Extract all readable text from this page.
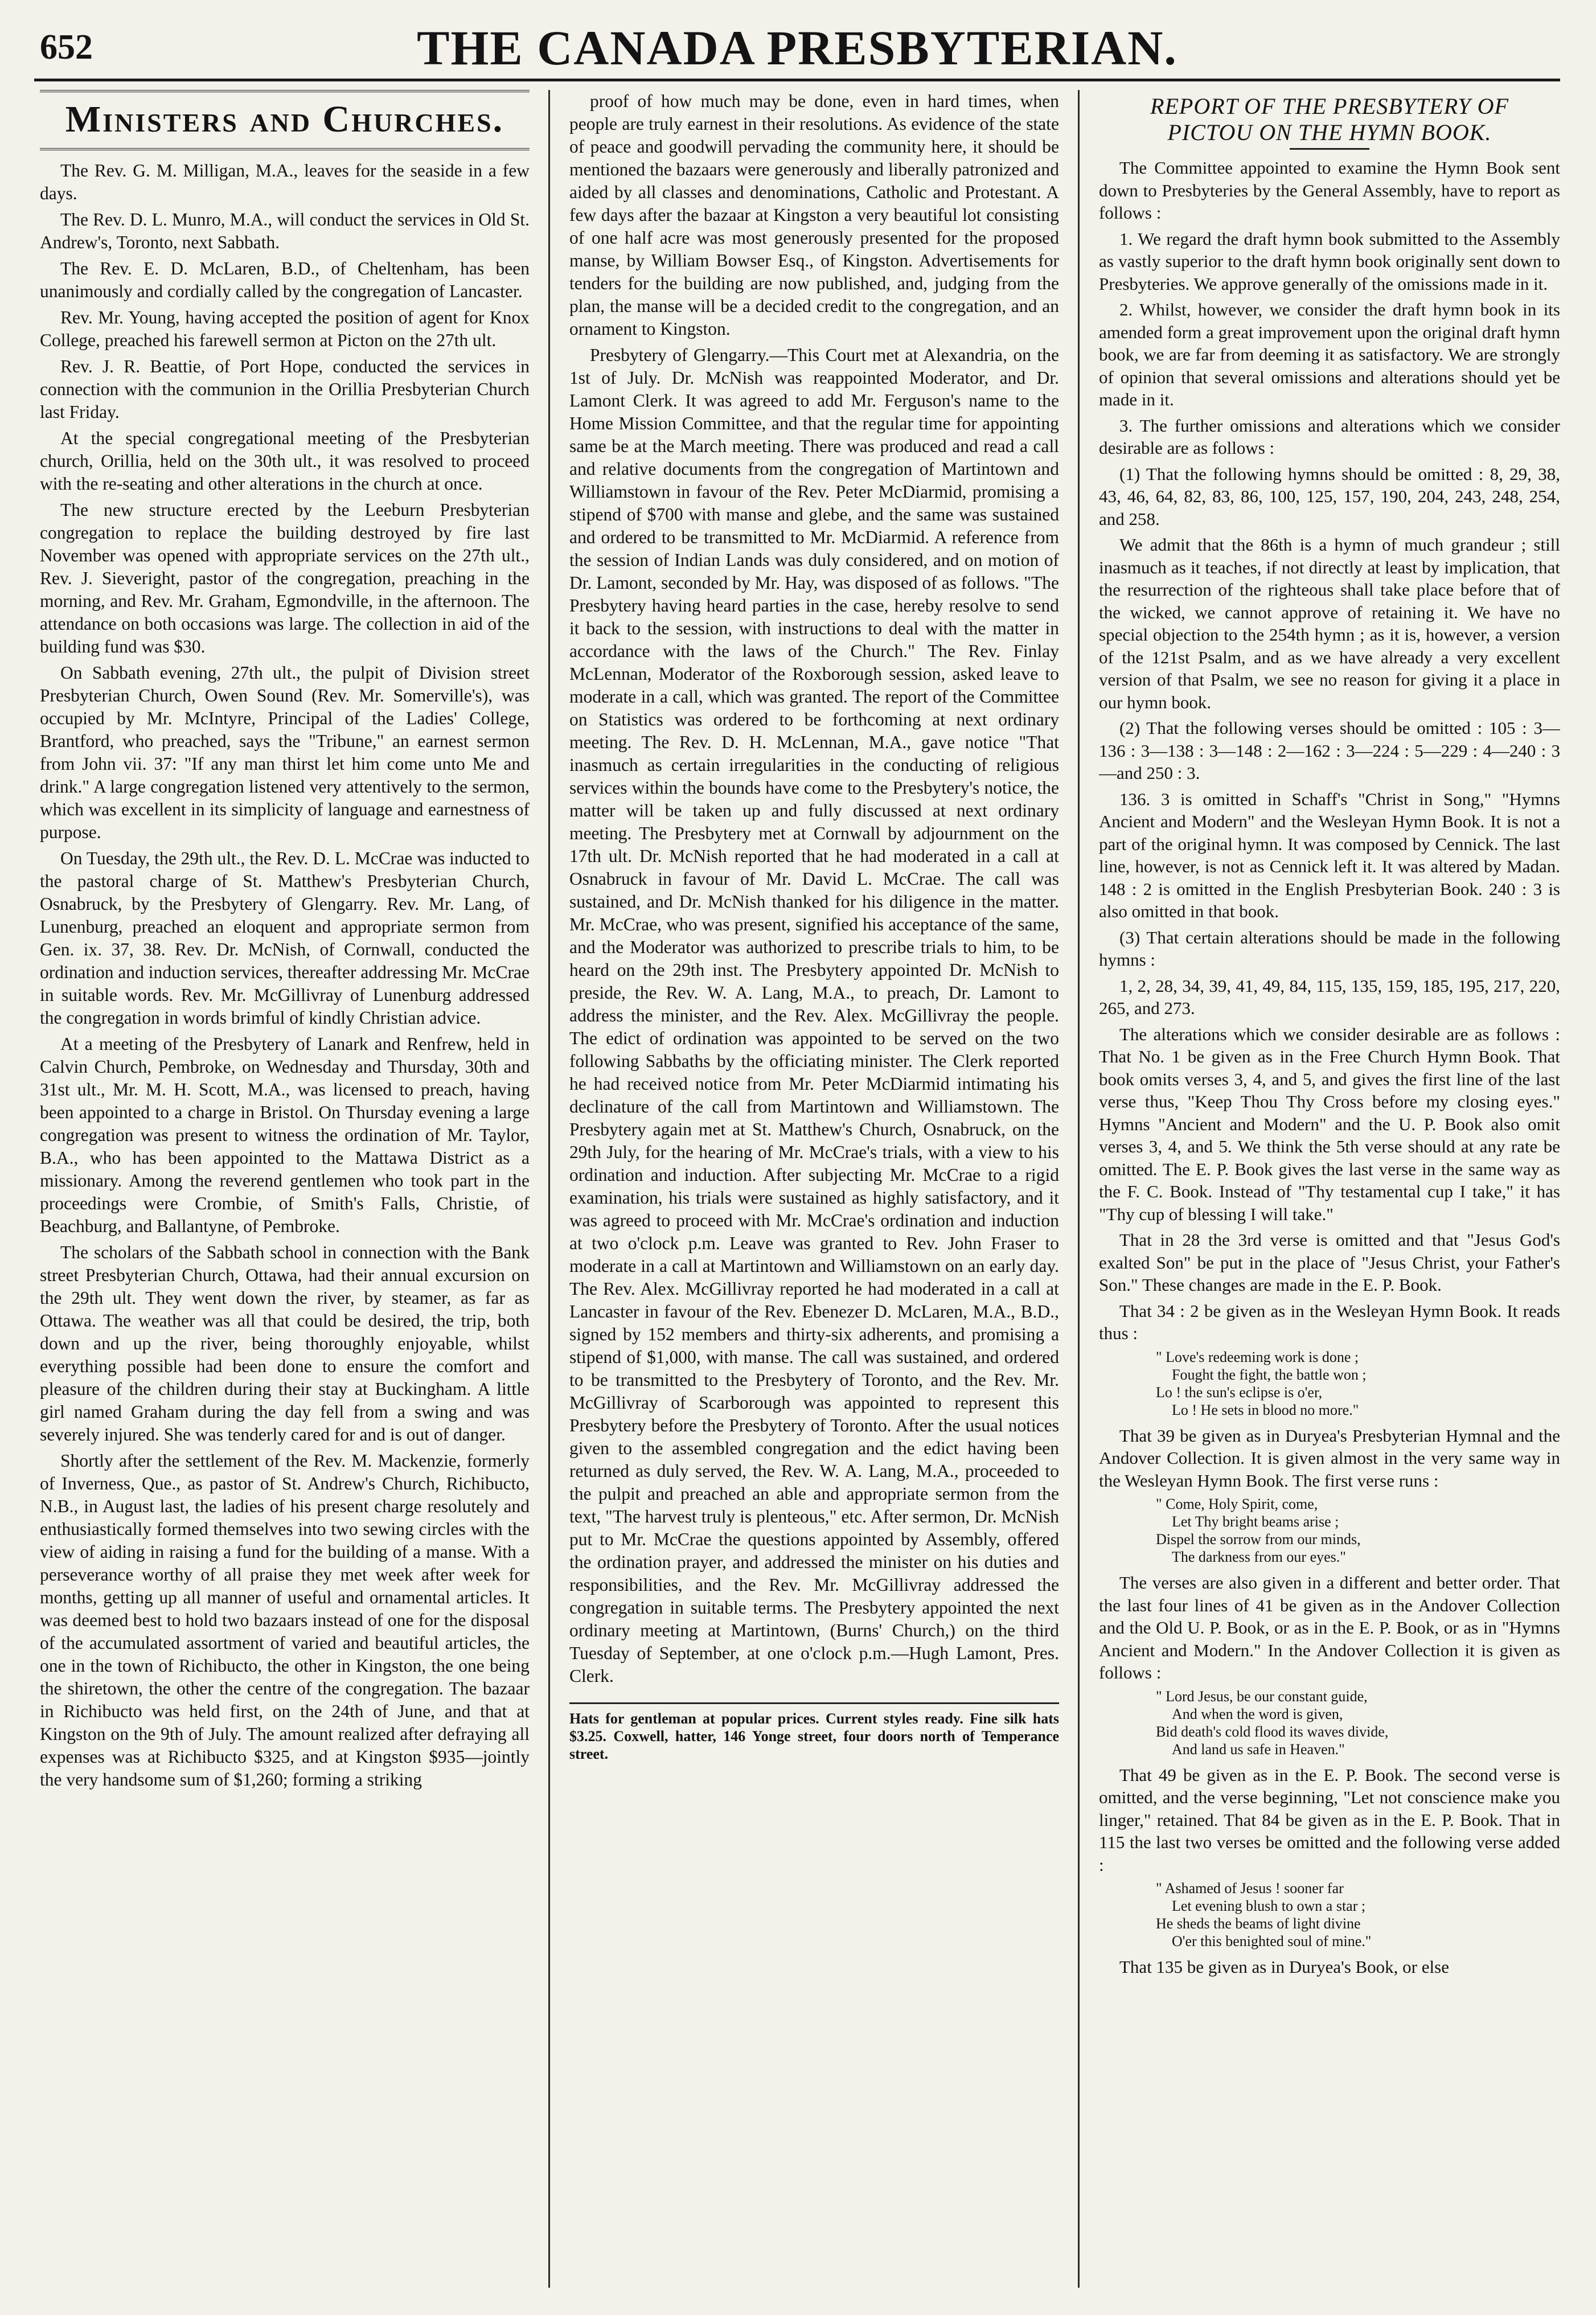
652	THE CANADA PRESBYTERIAN.
Ministers and Churches.

The Rev. G. M. Milligan, M.A., leaves for the seaside in a few days.

The Rev. D. L. Munro, M.A., will conduct the services in Old St. Andrew's, Toronto, next Sabbath.

The Rev. E. D. McLaren, B.D., of Cheltenham, has been unanimously and cordially called by the congregation of Lancaster.

Rev. Mr. Young, having accepted the position of agent for Knox College, preached his farewell sermon at Picton on the 27th ult.

Rev. J. R. Beattie, of Port Hope, conducted the services in connection with the communion in the Orillia Presbyterian Church last Friday.

At the special congregational meeting of the Presbyterian church, Orillia, held on the 30th ult., it was resolved to proceed with the re-seating and other alterations in the church at once.

The new structure erected by the Leeburn Presbyterian congregation to replace the building destroyed by fire last November was opened with appropriate services on the 27th ult., Rev. J. Sieveright, pastor of the congregation, preaching in the morning, and Rev. Mr. Graham, Egmondville, in the afternoon. The attendance on both occasions was large. The collection in aid of the building fund was $30.

On Sabbath evening, 27th ult., the pulpit of Division street Presbyterian Church, Owen Sound (Rev. Mr. Somerville's), was occupied by Mr. McIntyre, Principal of the Ladies' College, Brantford, who preached, says the "Tribune," an earnest sermon from John vii. 37: "If any man thirst let him come unto Me and drink." A large congregation listened very attentively to the sermon, which was excellent in its simplicity of language and earnestness of purpose.

On Tuesday, the 29th ult., the Rev. D. L. McCrae was inducted to the pastoral charge of St. Matthew's Presbyterian Church, Osnabruck, by the Presbytery of Glengarry. Rev. Mr. Lang, of Lunenburg, preached an eloquent and appropriate sermon from Gen. ix. 37, 38. Rev. Dr. McNish, of Cornwall, conducted the ordination and induction services, thereafter addressing Mr. McCrae in suitable words. Rev. Mr. McGillivray of Lunenburg addressed the congregation in words brimful of kindly Christian advice.

At a meeting of the Presbytery of Lanark and Renfrew, held in Calvin Church, Pembroke, on Wednesday and Thursday, 30th and 31st ult., Mr. M. H. Scott, M.A., was licensed to preach, having been appointed to a charge in Bristol. On Thursday evening a large congregation was present to witness the ordination of Mr. Taylor, B.A., who has been appointed to the Mattawa District as a missionary. Among the reverend gentlemen who took part in the proceedings were Crombie, of Smith's Falls, Christie, of Beachburg, and Ballantyne, of Pembroke.

The scholars of the Sabbath school in connection with the Bank street Presbyterian Church, Ottawa, had their annual excursion on the 29th ult. They went down the river, by steamer, as far as Ottawa. The weather was all that could be desired, the trip, both down and up the river, being thoroughly enjoyable, whilst everything possible had been done to ensure the comfort and pleasure of the children during their stay at Buckingham. A little girl named Graham during the day fell from a swing and was severely injured. She was tenderly cared for and is out of danger.

Shortly after the settlement of the Rev. M. Mackenzie, formerly of Inverness, Que., as pastor of St. Andrew's Church, Richibucto, N.B., in August last, the ladies of his present charge resolutely and enthusiastically formed themselves into two sewing circles with the view of aiding in raising a fund for the building of a manse. With a perseverance worthy of all praise they met week after week for months, getting up all manner of useful and ornamental articles. It was deemed best to hold two bazaars instead of one for the disposal of the accumulated assortment of varied and beautiful articles, the one in the town of Richibucto, the other in Kingston, the one being the shiretown, the other the centre of the congregation. The bazaar in Richibucto was held first, on the 24th of June, and that at Kingston on the 9th of July. The amount realized after defraying all expenses was at Richibucto $325, and at Kingston $935—jointly the very handsome sum of $1,260; forming a striking

proof of how much may be done, even in hard times, when people are truly earnest in their resolutions. As evidence of the state of peace and goodwill pervading the community here, it should be mentioned the bazaars were generously and liberally patronized and aided by all classes and denominations, Catholic and Protestant. A few days after the bazaar at Kingston a very beautiful lot consisting of one half acre was most generously presented for the proposed manse, by William Bowser Esq., of Kingston. Advertisements for tenders for the building are now published, and, judging from the plan, the manse will be a decided credit to the congregation, and an ornament to Kingston.

Presbytery of Glengarry.—This Court met at Alexandria, on the 1st of July. Dr. McNish was reappointed Moderator, and Dr. Lamont Clerk. It was agreed to add Mr. Ferguson's name to the Home Mission Committee, and that the regular time for appointing same be at the March meeting. There was produced and read a call and relative documents from the congregation of Martintown and Williamstown in favour of the Rev. Peter McDiarmid, promising a stipend of $700 with manse and glebe, and the same was sustained and ordered to be transmitted to Mr. McDiarmid. A reference from the session of Indian Lands was duly considered, and on motion of Dr. Lamont, seconded by Mr. Hay, was disposed of as follows. "The Presbytery having heard parties in the case, hereby resolve to send it back to the session, with instructions to deal with the matter in accordance with the laws of the Church." The Rev. Finlay McLennan, Moderator of the Roxborough session, asked leave to moderate in a call, which was granted. The report of the Committee on Statistics was ordered to be forthcoming at next ordinary meeting. The Rev. D. H. McLennan, M.A., gave notice "That inasmuch as certain irregularities in the conducting of religious services within the bounds have come to the Presbytery's notice, the matter will be taken up and fully discussed at next ordinary meeting. The Presbytery met at Cornwall by adjournment on the 17th ult. Dr. McNish reported that he had moderated in a call at Osnabruck in favour of Mr. David L. McCrae. The call was sustained, and Dr. McNish thanked for his diligence in the matter. Mr. McCrae, who was present, signified his acceptance of the same, and the Moderator was authorized to prescribe trials to him, to be heard on the 29th inst. The Presbytery appointed Dr. McNish to preside, the Rev. W. A. Lang, M.A., to preach, Dr. Lamont to address the minister, and the Rev. Alex. McGillivray the people. The edict of ordination was appointed to be served on the two following Sabbaths by the officiating minister. The Clerk reported he had received notice from Mr. Peter McDiarmid intimating his declinature of the call from Martintown and Williamstown. The Presbytery again met at St. Matthew's Church, Osnabruck, on the 29th July, for the hearing of Mr. McCrae's trials, with a view to his ordination and induction. After subjecting Mr. McCrae to a rigid examination, his trials were sustained as highly satisfactory, and it was agreed to proceed with Mr. McCrae's ordination and induction at two o'clock p.m. Leave was granted to Rev. John Fraser to moderate in a call at Martintown and Williamstown on an early day. The Rev. Alex. McGillivray reported he had moderated in a call at Lancaster in favour of the Rev. Ebenezer D. McLaren, M.A., B.D., signed by 152 members and thirty-six adherents, and promising a stipend of $1,000, with manse. The call was sustained, and ordered to be transmitted to the Presbytery of Toronto, and the Rev. Mr. McGillivray of Scarborough was appointed to represent this Presbytery before the Presbytery of Toronto. After the usual notices given to the assembled congregation and the edict having been returned as duly served, the Rev. W. A. Lang, M.A., proceeded to the pulpit and preached an able and appropriate sermon from the text, "The harvest truly is plenteous," etc. After sermon, Dr. McNish put to Mr. McCrae the questions appointed by Assembly, offered the ordination prayer, and addressed the minister on his duties and responsibilities, and the Rev. Mr. McGillivray addressed the congregation in suitable terms. The Presbytery appointed the next ordinary meeting at Martintown, (Burns' Church,) on the third Tuesday of September, at one o'clock p.m.—Hugh Lamont, Pres. Clerk.

Hats for gentleman at popular prices. Current styles ready. Fine silk hats $3.25. Coxwell, hatter, 146 Yonge street, four doors north of Temperance street.
REPORT OF THE PRESBYTERY OF
PICTOU ON THE HYMN BOOK.

The Committee appointed to examine the Hymn Book sent down to Presbyteries by the General Assembly, have to report as follows :

1. We regard the draft hymn book submitted to the Assembly as vastly superior to the draft hymn book originally sent down to Presbyteries. We approve generally of the omissions made in it.

2. Whilst, however, we consider the draft hymn book in its amended form a great improvement upon the original draft hymn book, we are far from deeming it as satisfactory. We are strongly of opinion that several omissions and alterations should yet be made in it.

3. The further omissions and alterations which we consider desirable are as follows :

(1) That the following hymns should be omitted : 8, 29, 38, 43, 46, 64, 82, 83, 86, 100, 125, 157, 190, 204, 243, 248, 254, and 258.

We admit that the 86th is a hymn of much grandeur ; still inasmuch as it teaches, if not directly at least by implication, that the resurrection of the righteous shall take place before that of the wicked, we cannot approve of retaining it. We have no special objection to the 254th hymn ; as it is, however, a version of the 121st Psalm, and as we have already a very excellent version of that Psalm, we see no reason for giving it a place in our hymn book.

(2) That the following verses should be omitted : 105 : 3—136 : 3—138 : 3—148 : 2—162 : 3—224 : 5—229 : 4—240 : 3—and 250 : 3.

136. 3 is omitted in Schaff's "Christ in Song," "Hymns Ancient and Modern" and the Wesleyan Hymn Book. It is not a part of the original hymn. It was composed by Cennick. The last line, however, is not as Cennick left it. It was altered by Madan. 148 : 2 is omitted in the English Presbyterian Book. 240 : 3 is also omitted in that book.

(3) That certain alterations should be made in the following hymns :

1, 2, 28, 34, 39, 41, 49, 84, 115, 135, 159, 185, 195, 217, 220, 265, and 273.

The alterations which we consider desirable are as follows : That No. 1 be given as in the Free Church Hymn Book. That book omits verses 3, 4, and 5, and gives the first line of the last verse thus, "Keep Thou Thy Cross before my closing eyes." Hymns "Ancient and Modern" and the U. P. Book also omit verses 3, 4, and 5. We think the 5th verse should at any rate be omitted. The E. P. Book gives the last verse in the same way as the F. C. Book. Instead of "Thy testamental cup I take," it has "Thy cup of blessing I will take."

That in 28 the 3rd verse is omitted and that "Jesus God's exalted Son" be put in the place of "Jesus Christ, your Father's Son." These changes are made in the E. P. Book.

That 34 : 2 be given as in the Wesleyan Hymn Book. It reads thus :

" Love's redeeming work is done ;
Fought the fight, the battle won ;
Lo ! the sun's eclipse is o'er,
Lo ! He sets in blood no more."

That 39 be given as in Duryea's Presbyterian Hymnal and the Andover Collection. It is given almost in the very same way in the Wesleyan Hymn Book. The first verse runs :

" Come, Holy Spirit, come,
Let Thy bright beams arise ;
Dispel the sorrow from our minds,
The darkness from our eyes."

The verses are also given in a different and better order. That the last four lines of 41 be given as in the Andover Collection and the Old U. P. Book, or as in the E. P. Book, or as in "Hymns Ancient and Modern." In the Andover Collection it is given as follows :

" Lord Jesus, be our constant guide,
And when the word is given,
Bid death's cold flood its waves divide,
And land us safe in Heaven."

That 49 be given as in the E. P. Book. The second verse is omitted, and the verse beginning, "Let not conscience make you linger," retained. That 84 be given as in the E. P. Book. That in 115 the last two verses be omitted and the following verse added :

" Ashamed of Jesus ! sooner far
Let evening blush to own a star ;
He sheds the beams of light divine
O'er this benighted soul of mine."

That 135 be given as in Duryea's Book, or else
